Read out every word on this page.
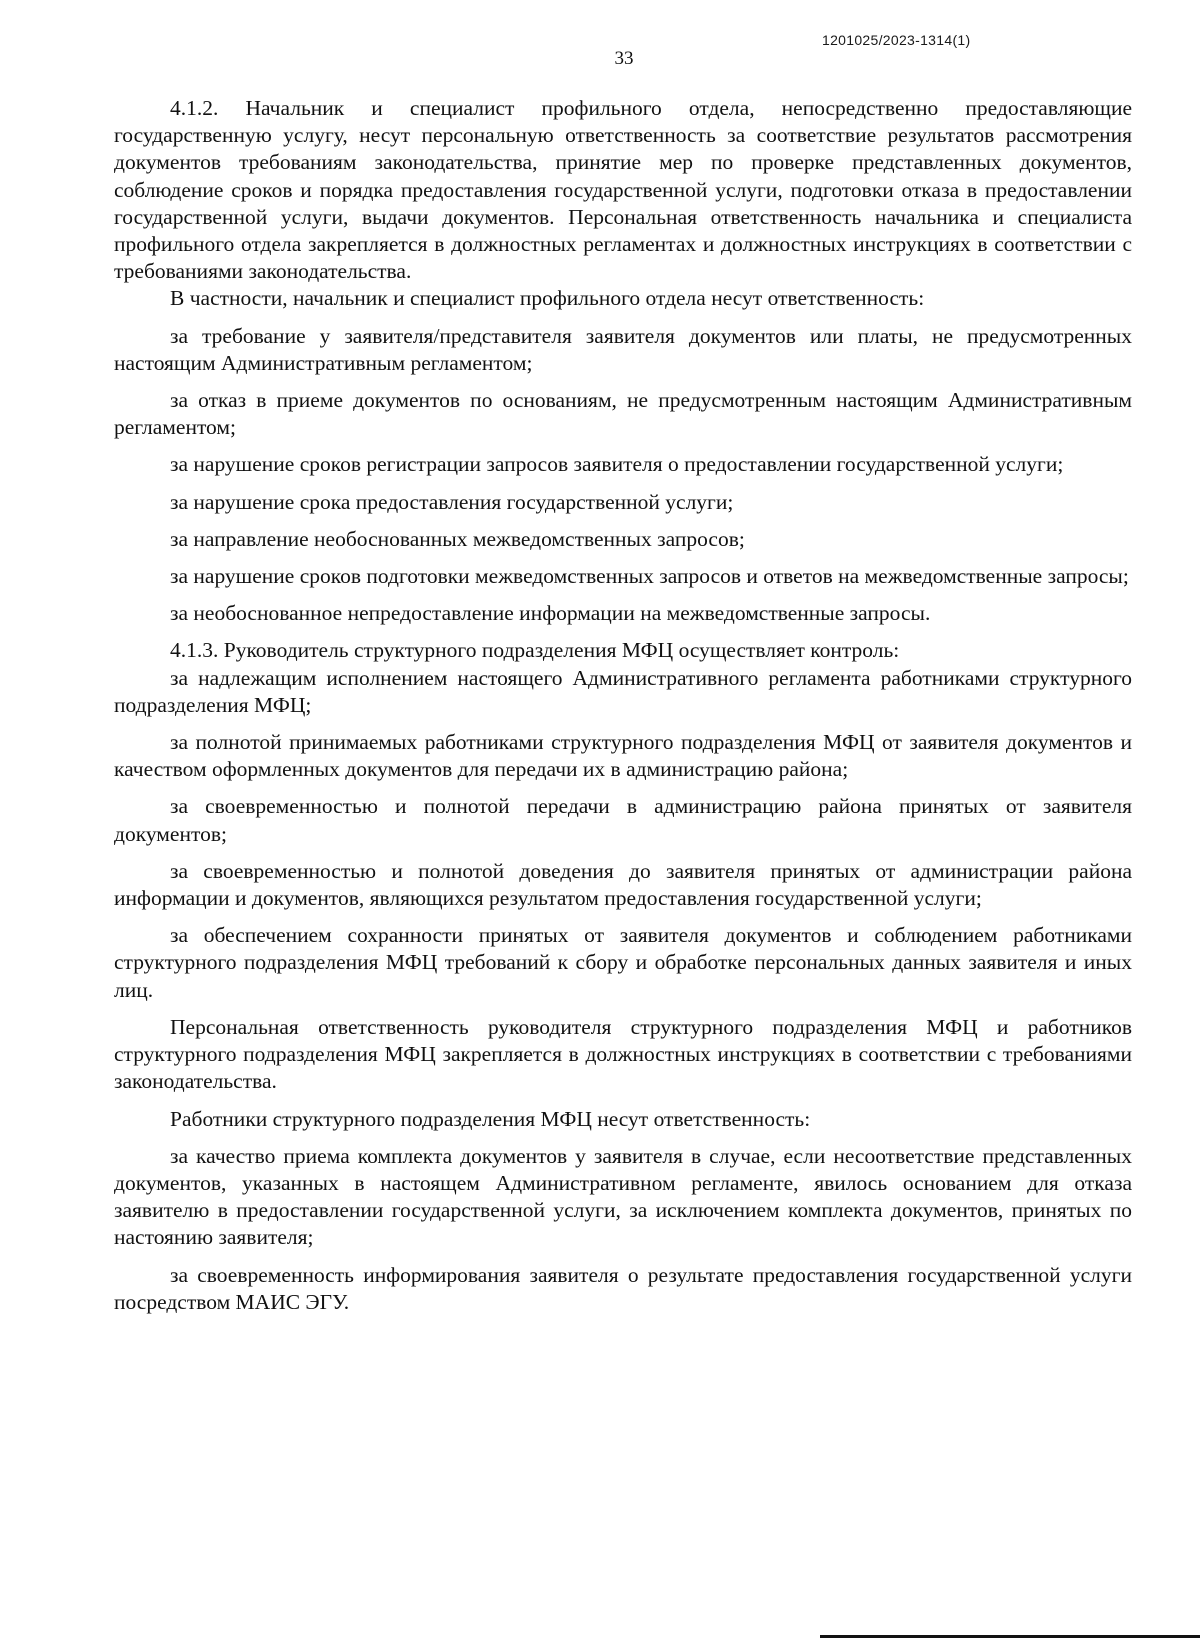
1201025/2023-1314(1)
33

4.1.2. Начальник и специалист профильного отдела, непосредственно предоставляющие государственную услугу, несут персональную ответственность за соответствие результатов рассмотрения документов требованиям законодательства, принятие мер по проверке представленных документов, соблюдение сроков и порядка предоставления государственной услуги, подготовки отказа в предоставлении государственной услуги, выдачи документов. Персональная ответственность начальника и специалиста профильного отдела закрепляется в должностных регламентах и должностных инструкциях в соответствии с требованиями законодательства.

В частности, начальник и специалист профильного отдела несут ответственность:

за требование у заявителя/представителя заявителя документов или платы, не предусмотренных настоящим Административным регламентом;

за отказ в приеме документов по основаниям, не предусмотренным настоящим Административным регламентом;

за нарушение сроков регистрации запросов заявителя о предоставлении государственной услуги;

за нарушение срока предоставления государственной услуги;

за направление необоснованных межведомственных запросов;

за нарушение сроков подготовки межведомственных запросов и ответов на межведомственные запросы;

за необоснованное непредоставление информации на межведомственные запросы.

4.1.3. Руководитель структурного подразделения МФЦ осуществляет контроль:

за надлежащим исполнением настоящего Административного регламента работниками структурного подразделения МФЦ;

за полнотой принимаемых работниками структурного подразделения МФЦ от заявителя документов и качеством оформленных документов для передачи их в администрацию района;

за своевременностью и полнотой передачи в администрацию района принятых от заявителя документов;

за своевременностью и полнотой доведения до заявителя принятых от администрации района информации и документов, являющихся результатом предоставления государственной услуги;

за обеспечением сохранности принятых от заявителя документов и соблюдением работниками структурного подразделения МФЦ требований к сбору и обработке персональных данных заявителя и иных лиц.

Персональная ответственность руководителя структурного подразделения МФЦ и работников структурного подразделения МФЦ закрепляется в должностных инструкциях в соответствии с требованиями законодательства.

Работники структурного подразделения МФЦ несут ответственность:

за качество приема комплекта документов у заявителя в случае, если несоответствие представленных документов, указанных в настоящем Административном регламенте, явилось основанием для отказа заявителю в предоставлении государственной услуги, за исключением комплекта документов, принятых по настоянию заявителя;

за своевременность информирования заявителя о результате предоставления государственной услуги посредством МАИС ЭГУ.
